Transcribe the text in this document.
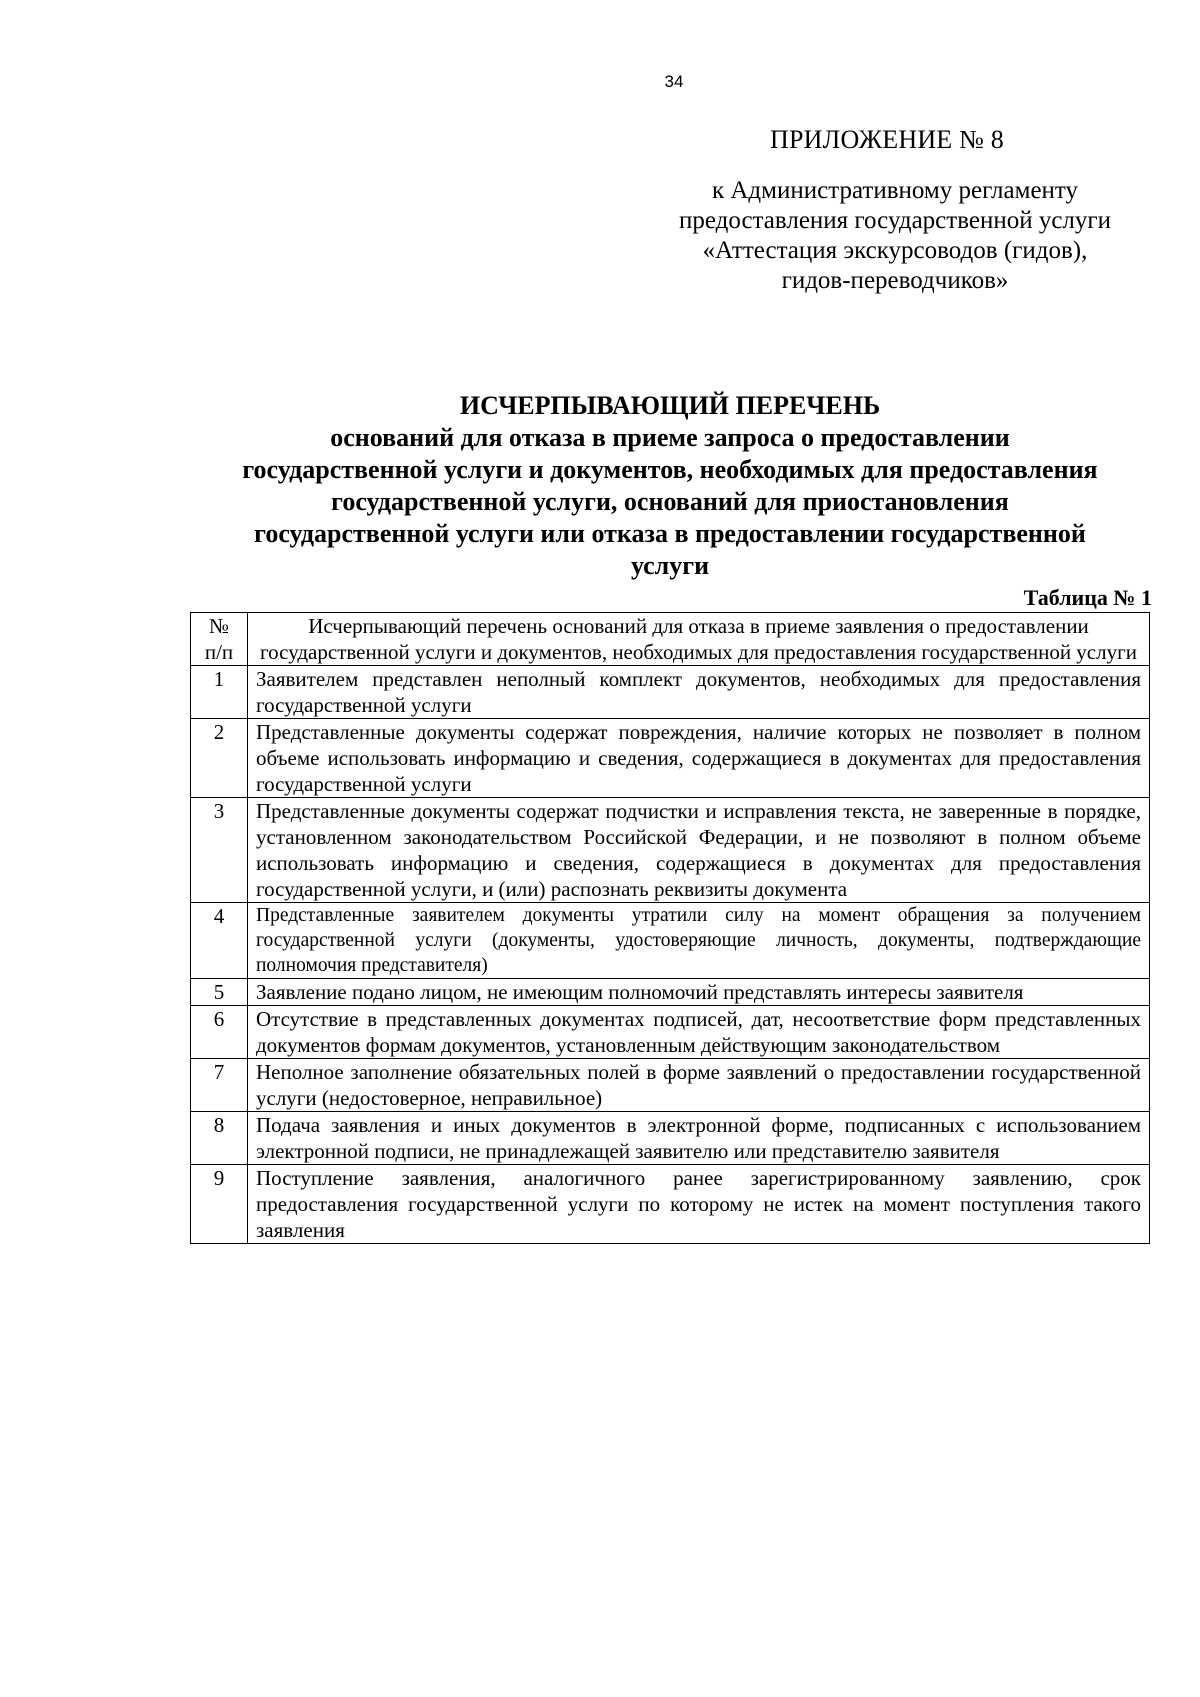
34
ПРИЛОЖЕНИЕ № 8
к Административному регламенту
предоставления государственной услуги
«Аттестация экскурсоводов (гидов),
гидов-переводчиков»
ИСЧЕРПЫВАЮЩИЙ ПЕРЕЧЕНЬ
оснований для отказа в приеме запроса о предоставлении
государственной услуги и документов, необходимых для предоставления
государственной услуги, оснований для приостановления
государственной услуги или отказа в предоставлении государственной
услуги
Таблица № 1
№
п/п	Исчерпывающий перечень оснований для отказа в приеме заявления о предоставлении государственной услуги и документов, необходимых для предоставления государственной услуги
1	Заявителем представлен неполный комплект документов, необходимых для предоставления государственной услуги
2	Представленные документы содержат повреждения, наличие которых не позволяет в полном объеме использовать информацию и сведения, содержащиеся в документах для предоставления государственной услуги
3	Представленные документы содержат подчистки и исправления текста, не заверенные в порядке, установленном законодательством Российской Федерации, и не позволяют в полном объеме использовать информацию и сведения, содержащиеся в документах для предоставления государственной услуги, и (или) распознать реквизиты документа
4	Представленные заявителем документы утратили силу на момент обращения за получением государственной услуги (документы, удостоверяющие личность, документы, подтверждающие полномочия представителя)
5	Заявление подано лицом, не имеющим полномочий представлять интересы заявителя
6	Отсутствие в представленных документах подписей, дат, несоответствие форм представленных документов формам документов, установленным действующим законодательством
7	Неполное заполнение обязательных полей в форме заявлений о предоставлении государственной услуги (недостоверное, неправильное)
8	Подача заявления и иных документов в электронной форме, подписанных с использованием электронной подписи, не принадлежащей заявителю или представителю заявителя
9	Поступление заявления, аналогичного ранее зарегистрированному заявлению, срок предоставления государственной услуги по которому не истек на момент поступления такого заявления
